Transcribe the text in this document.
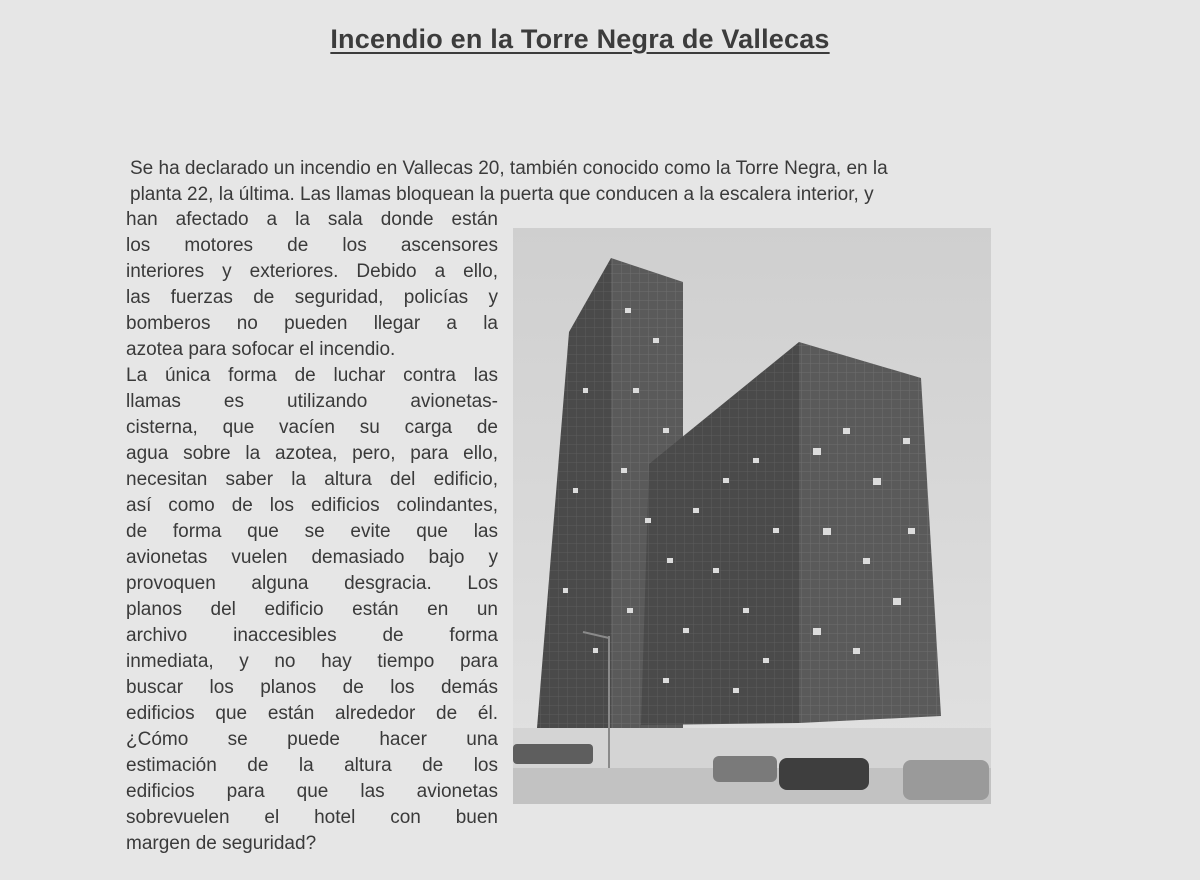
Incendio en la Torre Negra de Vallecas
Se ha declarado un incendio en Vallecas 20, también conocido como la Torre Negra, en la
planta 22, la última. Las llamas bloquean la puerta que conducen a la escalera interior, y
han afectado a la sala donde están
los motores de los ascensores
interiores y exteriores. Debido a ello,
las fuerzas de seguridad, policías y
bomberos no pueden llegar a la
azotea para sofocar el incendio.
La única forma de luchar contra las
llamas es utilizando avionetas-
cisterna, que vacíen su carga de
agua sobre la azotea, pero, para ello,
necesitan saber la altura del edificio,
así como de los edificios colindantes,
de forma que se evite que las
avionetas vuelen demasiado bajo y
provoquen alguna desgracia. Los
planos del edificio están en un
archivo inaccesibles de forma
inmediata, y no hay tiempo para
buscar los planos de los demás
edificios que están alrededor de él.
¿Cómo se puede hacer una
estimación de la altura de los
edificios para que las avionetas
sobrevuelen el hotel con buen
margen de seguridad?
